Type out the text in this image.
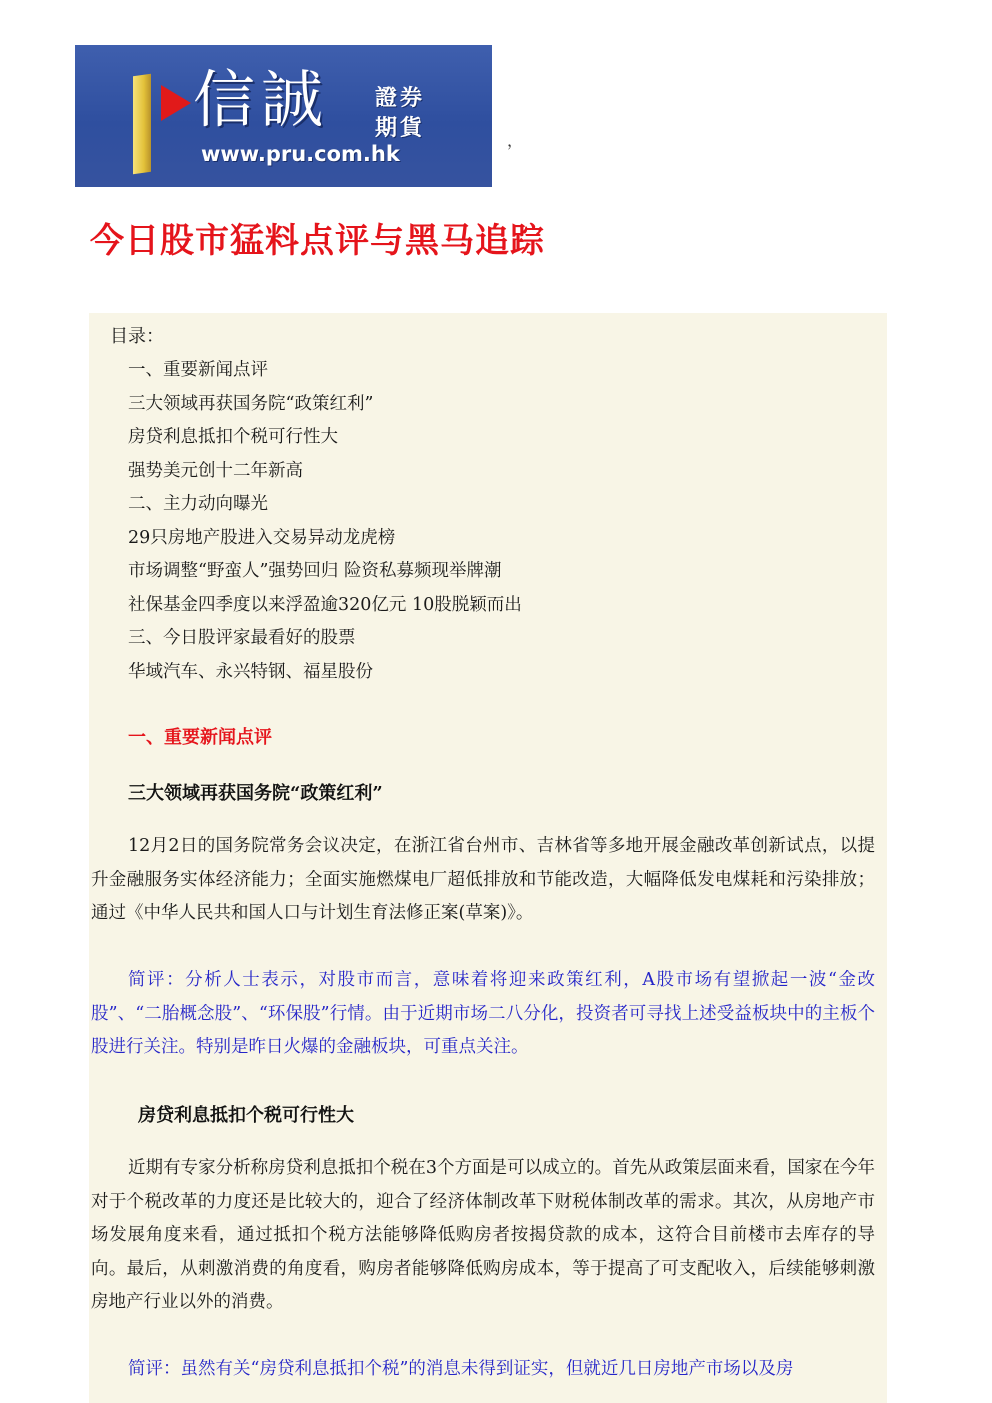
信誠 證券
期貨
www.pru.com.hk
，
今日股市猛料点评与黑马追踪
目录：
一、重要新闻点评
三大领域再获国务院“政策红利”
房贷利息抵扣个税可行性大
强势美元创十二年新高
二、主力动向曝光
29只房地产股进入交易异动龙虎榜
市场调整“野蛮人”强势回归 险资私募频现举牌潮
社保基金四季度以来浮盈逾320亿元 10股脱颖而出
三、今日股评家最看好的股票
华域汽车、永兴特钢、福星股份
一、重要新闻点评
三大领域再获国务院“政策红利”

12月2日的国务院常务会议决定，在浙江省台州市、吉林省等多地开展金融改革创新试点，以提升金融服务实体经济能力；全面实施燃煤电厂超低排放和节能改造，大幅降低发电煤耗和污染排放；通过《中华人民共和国人口与计划生育法修正案(草案)》。

简评：分析人士表示，对股市而言，意味着将迎来政策红利，A股市场有望掀起一波“金改股”、“二胎概念股”、“环保股”行情。由于近期市场二八分化，投资者可寻找上述受益板块中的主板个股进行关注。特别是昨日火爆的金融板块，可重点关注。

房贷利息抵扣个税可行性大

近期有专家分析称房贷利息抵扣个税在3个方面是可以成立的。首先从政策层面来看，国家在今年对于个税改革的力度还是比较大的，迎合了经济体制改革下财税体制改革的需求。其次，从房地产市场发展角度来看，通过抵扣个税方法能够降低购房者按揭贷款的成本，这符合目前楼市去库存的导向。最后，从刺激消费的角度看，购房者能够降低购房成本，等于提高了可支配收入，后续能够刺激房地产行业以外的消费。

简评：虽然有关“房贷利息抵扣个税”的消息未得到证实，但就近几日房地产市场以及房
